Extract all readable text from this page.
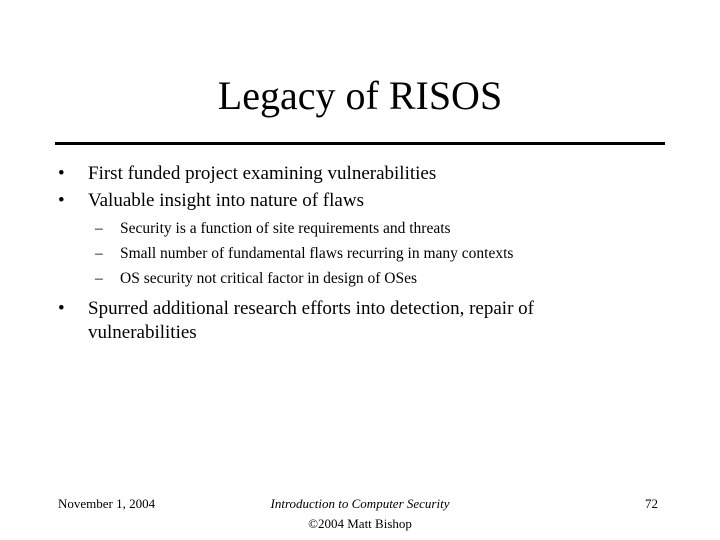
Legacy of RISOS
• First funded project examining vulnerabilities
• Valuable insight into nature of flaws
– Security is a function of site requirements and threats
– Small number of fundamental flaws recurring in many contexts
– OS security not critical factor in design of OSes
• Spurred additional research efforts into detection, repair of vulnerabilities
November 1, 2004	Introduction to Computer Security
©2004 Matt Bishop
72
